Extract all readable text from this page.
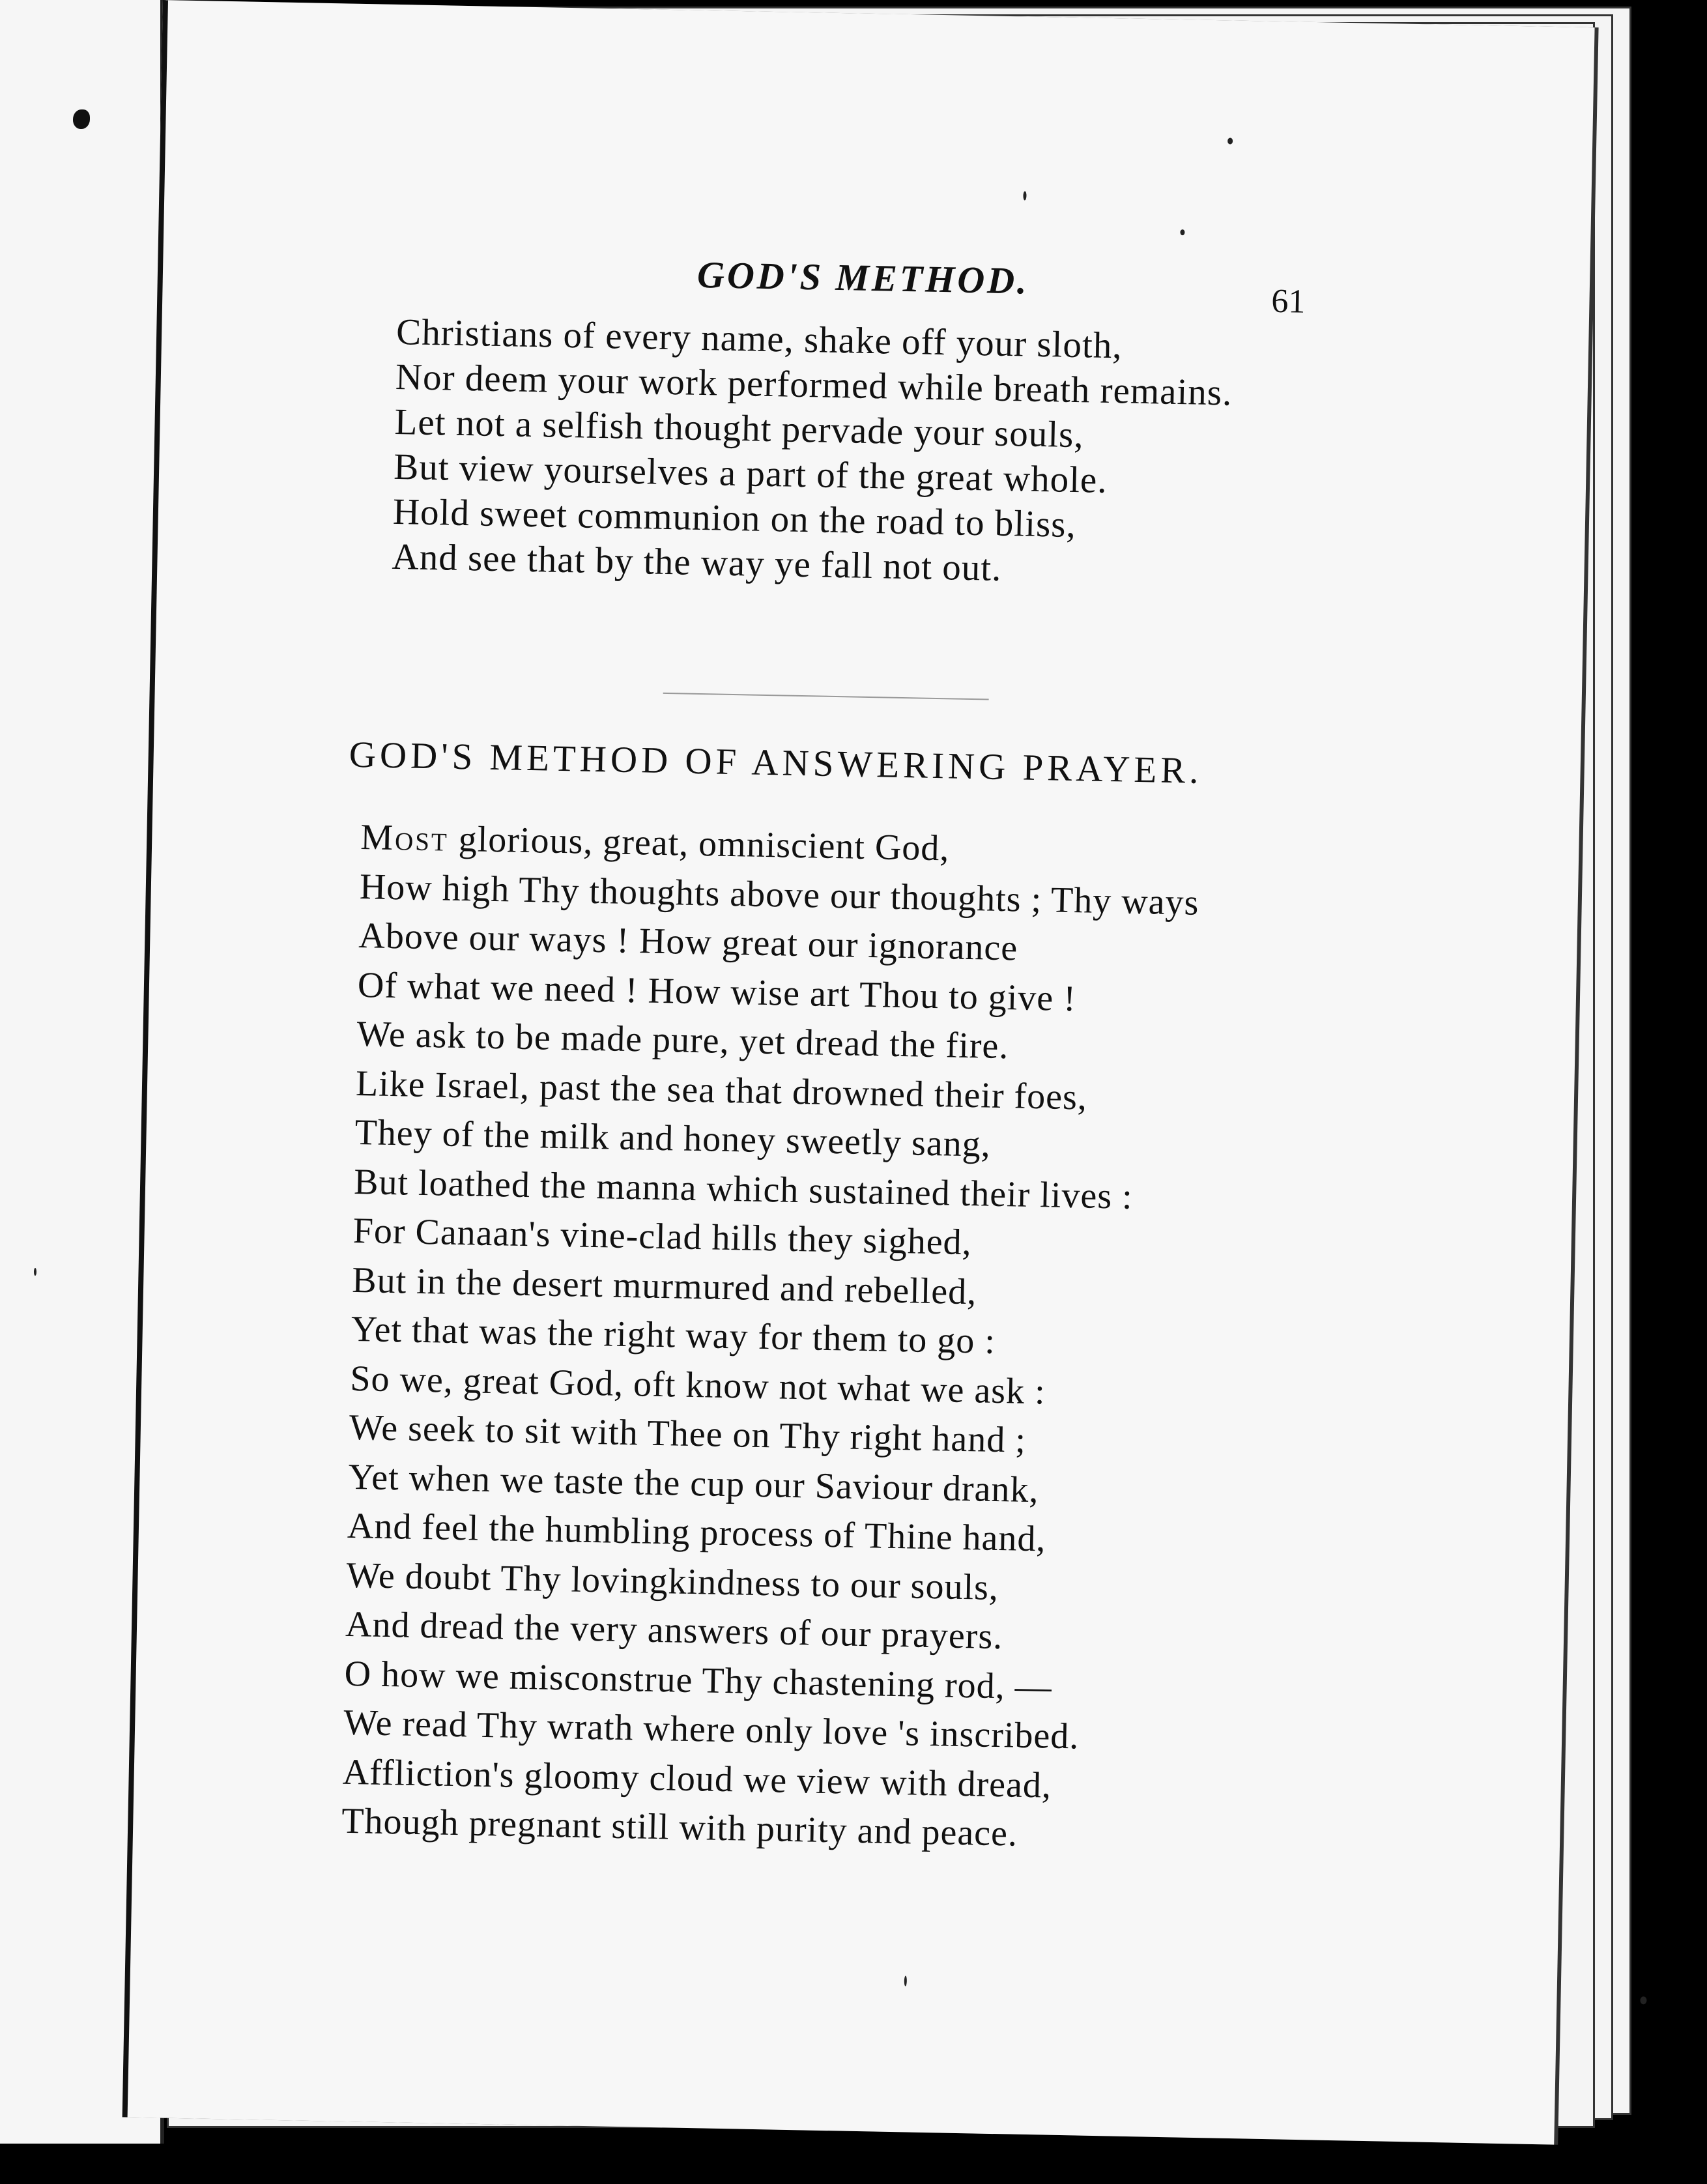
GOD'S METHOD.	61
Christians of every name, shake off your sloth,
Nor deem your work performed while breath remains.
Let not a selfish thought pervade your souls,
But view yourselves a part of the great whole.
Hold sweet communion on the road to bliss,
And see that by the way ye fall not out.
GOD'S METHOD OF ANSWERING PRAYER.
Most glorious, great, omniscient God,
How high Thy thoughts above our thoughts ; Thy ways
Above our ways ! How great our ignorance
Of what we need ! How wise art Thou to give !
We ask to be made pure, yet dread the fire.
Like Israel, past the sea that drowned their foes,
They of the milk and honey sweetly sang,
But loathed the manna which sustained their lives :
For Canaan's vine-clad hills they sighed,
But in the desert murmured and rebelled,
Yet that was the right way for them to go :
So we, great God, oft know not what we ask :
We seek to sit with Thee on Thy right hand ;
Yet when we taste the cup our Saviour drank,
And feel the humbling process of Thine hand,
We doubt Thy lovingkindness to our souls,
And dread the very answers of our prayers.
O how we misconstrue Thy chastening rod, —
We read Thy wrath where only love 's inscribed.
Affliction's gloomy cloud we view with dread,
Though pregnant still with purity and peace.
